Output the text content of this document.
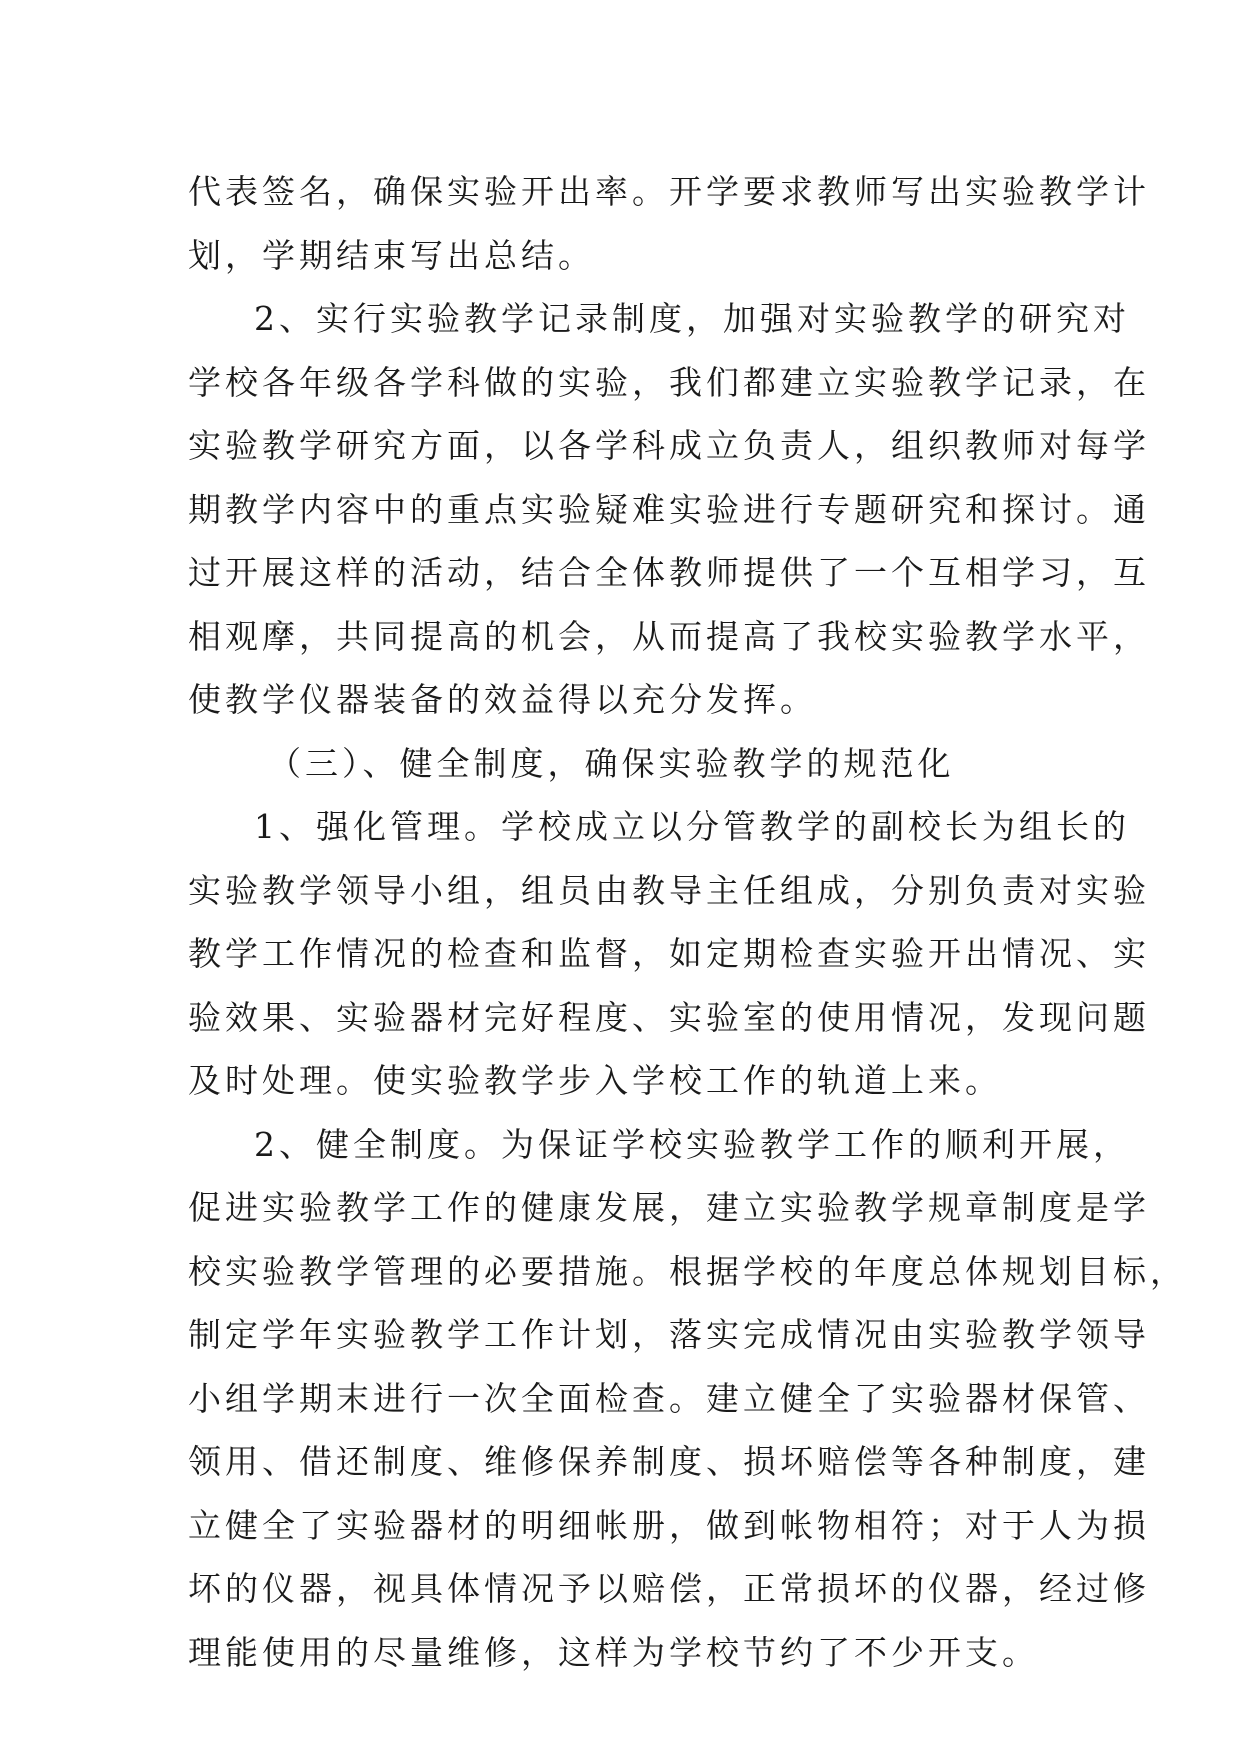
代表签名，确保实验开出率。开学要求教师写出实验教学计
划，学期结束写出总结。
2、实行实验教学记录制度，加强对实验教学的研究对
学校各年级各学科做的实验，我们都建立实验教学记录，在
实验教学研究方面，以各学科成立负责人，组织教师对每学
期教学内容中的重点实验疑难实验进行专题研究和探讨。通
过开展这样的活动，结合全体教师提供了一个互相学习，互
相观摩，共同提高的机会，从而提高了我校实验教学水平，
使教学仪器装备的效益得以充分发挥。
（三）、健全制度，确保实验教学的规范化
1、强化管理。学校成立以分管教学的副校长为组长的
实验教学领导小组，组员由教导主任组成，分别负责对实验
教学工作情况的检查和监督，如定期检查实验开出情况、实
验效果、实验器材完好程度、实验室的使用情况，发现问题
及时处理。使实验教学步入学校工作的轨道上来。
2、健全制度。为保证学校实验教学工作的顺利开展，
促进实验教学工作的健康发展，建立实验教学规章制度是学
校实验教学管理的必要措施。根据学校的年度总体规划目标，
制定学年实验教学工作计划，落实完成情况由实验教学领导
小组学期末进行一次全面检查。建立健全了实验器材保管、
领用、借还制度、维修保养制度、损坏赔偿等各种制度，建
立健全了实验器材的明细帐册，做到帐物相符；对于人为损
坏的仪器，视具体情况予以赔偿，正常损坏的仪器，经过修
理能使用的尽量维修，这样为学校节约了不少开支。
